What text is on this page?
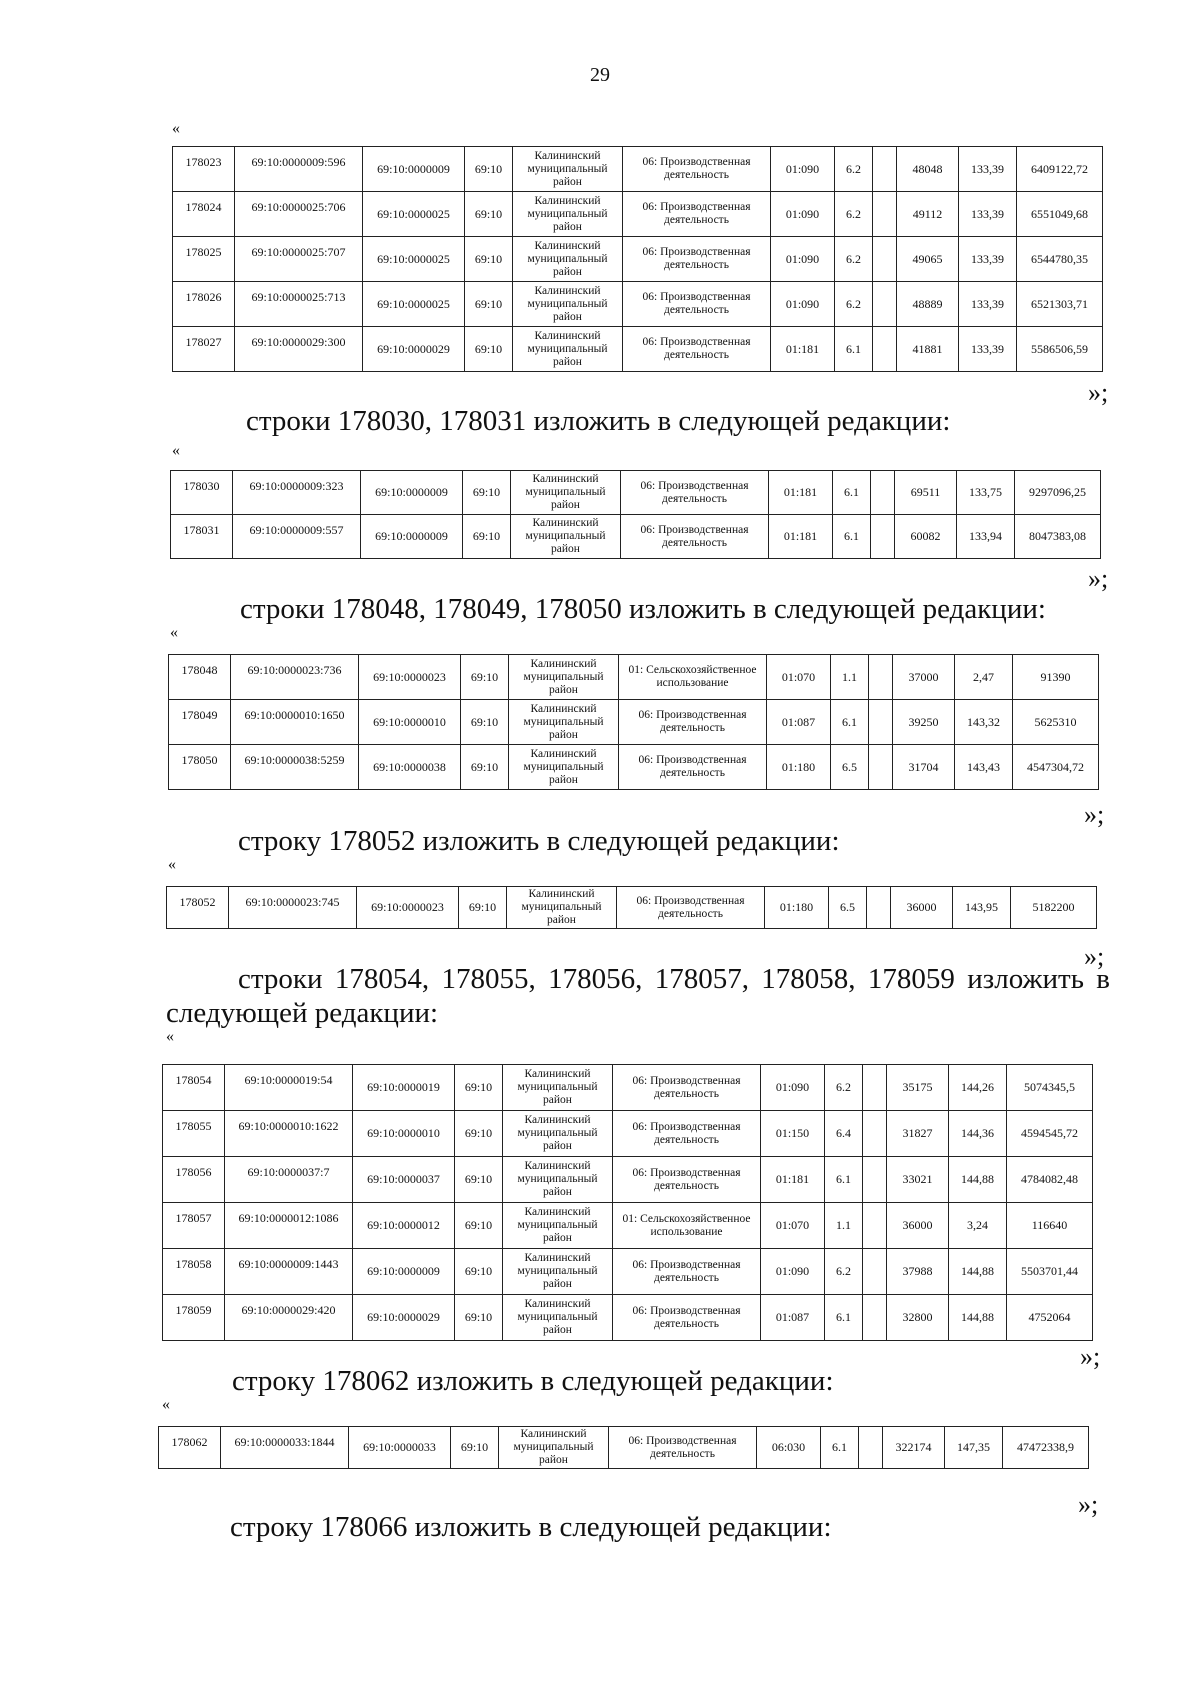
29
«
178023	69:10:0000009:596	69:10:0000009	69:10	Калининский муниципальный район	06: Производственная деятельность	01:090	6.2		48048	133,39	6409122,72
178024	69:10:0000025:706	69:10:0000025	69:10	Калининский муниципальный район	06: Производственная деятельность	01:090	6.2		49112	133,39	6551049,68
178025	69:10:0000025:707	69:10:0000025	69:10	Калининский муниципальный район	06: Производственная деятельность	01:090	6.2		49065	133,39	6544780,35
178026	69:10:0000025:713	69:10:0000025	69:10	Калининский муниципальный район	06: Производственная деятельность	01:090	6.2		48889	133,39	6521303,71
178027	69:10:0000029:300	69:10:0000029	69:10	Калининский муниципальный район	06: Производственная деятельность	01:181	6.1		41881	133,39	5586506,59
»;
строки 178030, 178031 изложить в следующей редакции:
«
178030	69:10:0000009:323	69:10:0000009	69:10	Калининский муниципальный район	06: Производственная деятельность	01:181	6.1		69511	133,75	9297096,25
178031	69:10:0000009:557	69:10:0000009	69:10	Калининский муниципальный район	06: Производственная деятельность	01:181	6.1		60082	133,94	8047383,08
»;
строки 178048, 178049, 178050 изложить в следующей редакции:
«
178048	69:10:0000023:736	69:10:0000023	69:10	Калининский муниципальный район	01: Сельскохозяйственное использование	01:070	1.1		37000	2,47	91390
178049	69:10:0000010:1650	69:10:0000010	69:10	Калининский муниципальный район	06: Производственная деятельность	01:087	6.1		39250	143,32	5625310
178050	69:10:0000038:5259	69:10:0000038	69:10	Калининский муниципальный район	06: Производственная деятельность	01:180	6.5		31704	143,43	4547304,72
»;
строку 178052 изложить в следующей редакции:
«
178052	69:10:0000023:745	69:10:0000023	69:10	Калининский муниципальный район	06: Производственная деятельность	01:180	6.5		36000	143,95	5182200
»;
строки 178054, 178055, 178056, 178057, 178058, 178059 изложить в следующей редакции:
«
178054	69:10:0000019:54	69:10:0000019	69:10	Калининский муниципальный район	06: Производственная деятельность	01:090	6.2		35175	144,26	5074345,5
178055	69:10:0000010:1622	69:10:0000010	69:10	Калининский муниципальный район	06: Производственная деятельность	01:150	6.4		31827	144,36	4594545,72
178056	69:10:0000037:7	69:10:0000037	69:10	Калининский муниципальный район	06: Производственная деятельность	01:181	6.1		33021	144,88	4784082,48
178057	69:10:0000012:1086	69:10:0000012	69:10	Калининский муниципальный район	01: Сельскохозяйственное использование	01:070	1.1		36000	3,24	116640
178058	69:10:0000009:1443	69:10:0000009	69:10	Калининский муниципальный район	06: Производственная деятельность	01:090	6.2		37988	144,88	5503701,44
178059	69:10:0000029:420	69:10:0000029	69:10	Калининский муниципальный район	06: Производственная деятельность	01:087	6.1		32800	144,88	4752064
»;
строку 178062 изложить в следующей редакции:
«
178062	69:10:0000033:1844	69:10:0000033	69:10	Калининский муниципальный район	06: Производственная деятельность	06:030	6.1		322174	147,35	47472338,9
»;
строку 178066 изложить в следующей редакции:
